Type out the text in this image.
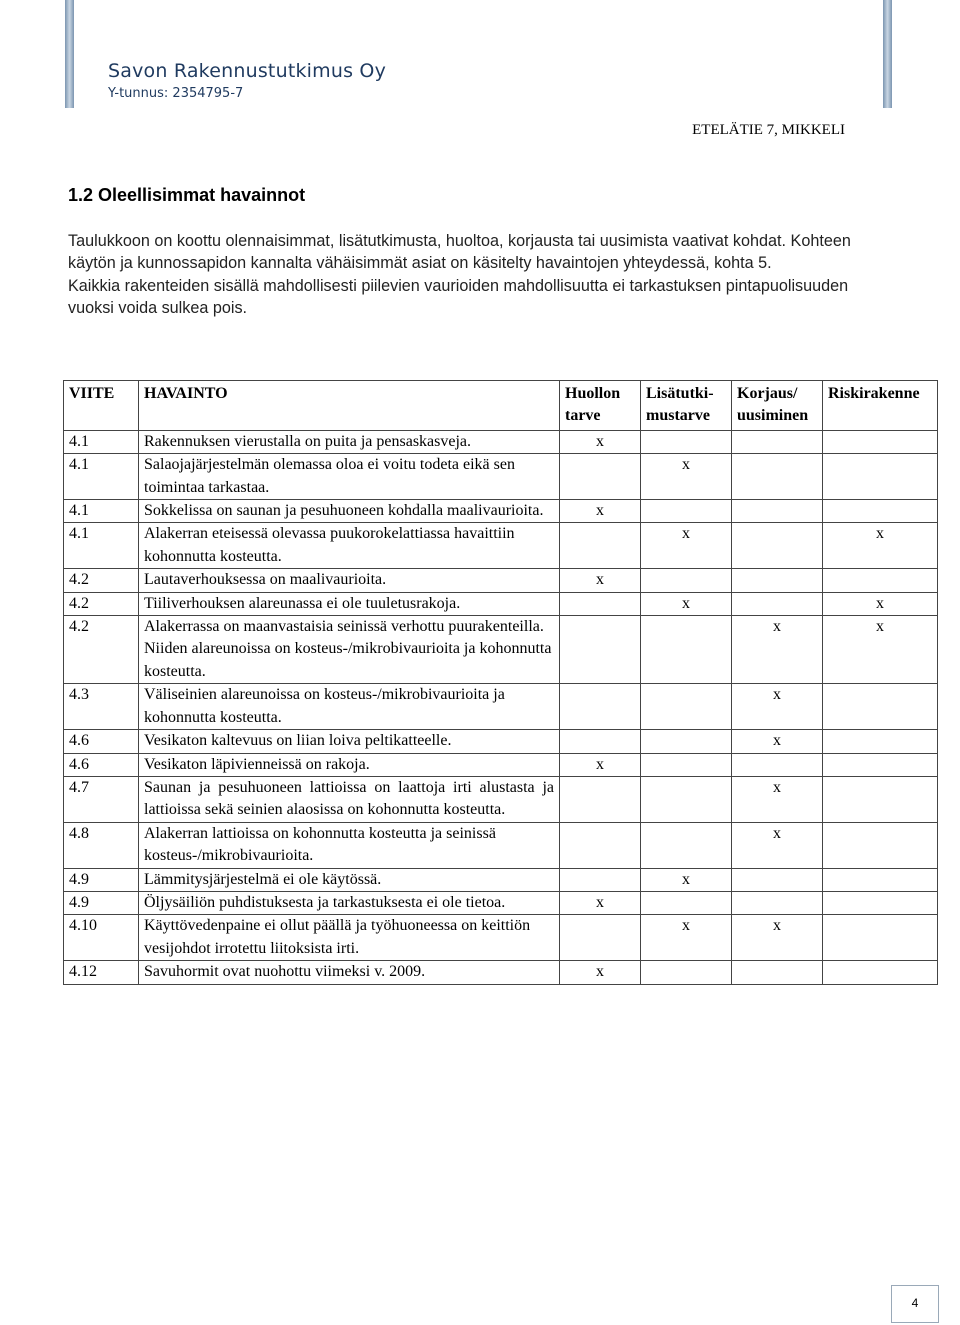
Savon Rakennustutkimus Oy
Y-tunnus: 2354795-7
ETELÄTIE 7, MIKKELI
1.2 Oleellisimmat havainnot

Taulukkoon on koottu olennaisimmat, lisätutkimusta, huoltoa, korjausta tai uusimista vaativat kohdat. Kohteen käytön ja kunnossapidon kannalta vähäisimmät asiat on käsitelty havaintojen yhteydessä, kohta 5.

Kaikkia rakenteiden sisällä mahdollisesti piilevien vaurioiden mahdollisuutta ei tarkastuksen pintapuolisuuden vuoksi voida sulkea pois.

VIITE	HAVAINTO	Huollon tarve	Lisätutki-mustarve	Korjaus/ uusiminen	Riskirakenne
4.1	Rakennuksen vierustalla on puita ja pensaskasveja.	x			
4.1	Salaojajärjestelmän olemassa oloa ei voitu todeta eikä sen toimintaa tarkastaa.		x		
4.1	Sokkelissa on saunan ja pesuhuoneen kohdalla maalivaurioita.	x			
4.1	Alakerran eteisessä olevassa puukorokelattiassa havaittiin kohonnutta kosteutta.		x		x
4.2	Lautaverhouksessa on maalivaurioita.	x			
4.2	Tiiliverhouksen alareunassa ei ole tuuletusrakoja.		x		x
4.2	Alakerrassa on maanvastaisia seinissä verhottu puurakenteilla. Niiden alareunoissa on kosteus-/mikrobivaurioita ja kohonnutta kosteutta.			x	x
4.3	Väliseinien alareunoissa on kosteus-/mikrobivaurioita ja kohonnutta kosteutta.			x	
4.6	Vesikaton kaltevuus on liian loiva peltikatteelle.			x	
4.6	Vesikaton läpivienneissä on rakoja.	x			
4.7	Saunan ja pesuhuoneen lattioissa on laattoja irti alustasta ja lattioissa sekä seinien alaosissa on kohonnutta kosteutta.			x	
4.8	Alakerran lattioissa on kohonnutta kosteutta ja seinissä kosteus-/mikrobivaurioita.			x	
4.9	Lämmitysjärjestelmä ei ole käytössä.		x		
4.9	Öljysäiliön puhdistuksesta ja tarkastuksesta ei ole tietoa.	x			
4.10	Käyttövedenpaine ei ollut päällä ja työhuoneessa on keittiön vesijohdot irrotettu liitoksista irti.		x	x	
4.12	Savuhormit ovat nuohottu viimeksi v. 2009.	x			
4
